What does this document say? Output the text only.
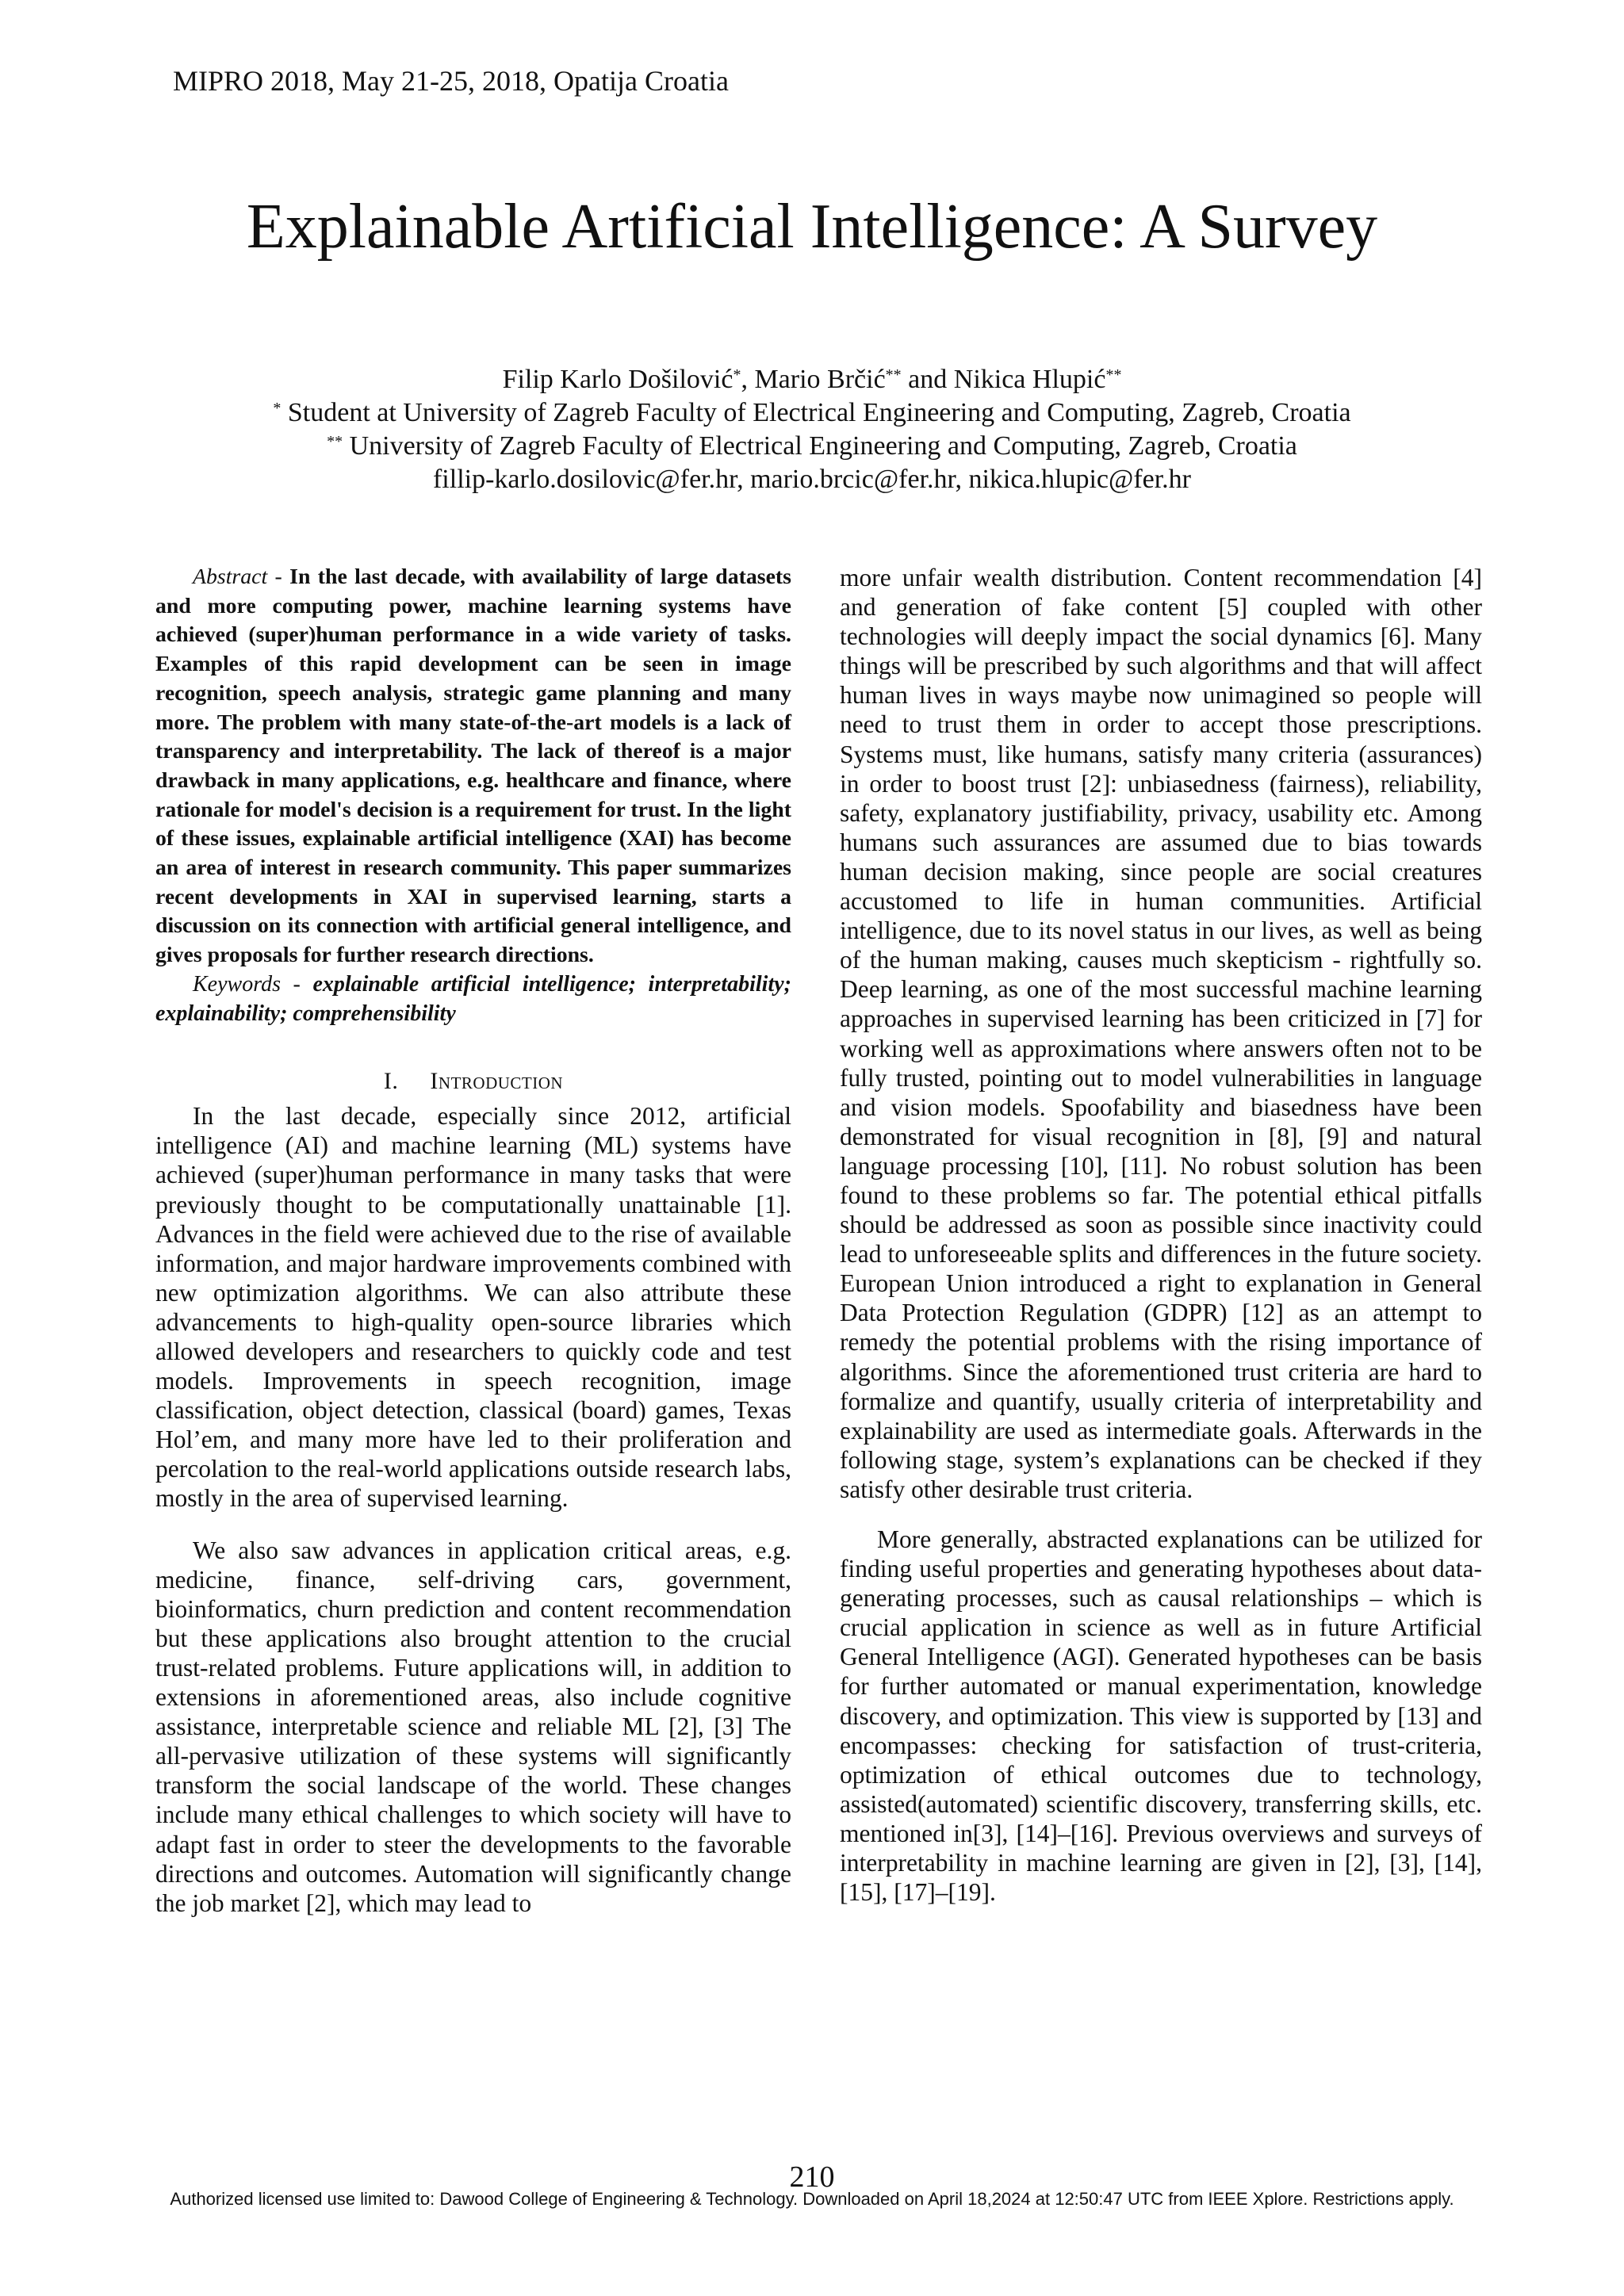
MIPRO 2018, May 21-25, 2018, Opatija Croatia
Explainable Artificial Intelligence: A Survey
Filip Karlo Došilović*, Mario Brčić** and Nikica Hlupić**
* Student at University of Zagreb Faculty of Electrical Engineering and Computing, Zagreb, Croatia
** University of Zagreb Faculty of Electrical Engineering and Computing, Zagreb, Croatia
fillip-karlo.dosilovic@fer.hr, mario.brcic@fer.hr, nikica.hlupic@fer.hr

Abstract - In the last decade, with availability of large datasets and more computing power, machine learning systems have achieved (super)human performance in a wide variety of tasks. Examples of this rapid development can be seen in image recognition, speech analysis, strategic game planning and many more. The problem with many state-of-the-art models is a lack of transparency and interpretability. The lack of thereof is a major drawback in many applications, e.g. healthcare and finance, where rationale for model's decision is a requirement for trust. In the light of these issues, explainable artificial intelligence (XAI) has become an area of interest in research community. This paper summarizes recent developments in XAI in supervised learning, starts a discussion on its connection with artificial general intelligence, and gives proposals for further research directions.

Keywords - explainable artificial intelligence; interpretability; explainability; comprehensibility

I. Introduction

In the last decade, especially since 2012, artificial intelligence (AI) and machine learning (ML) systems have achieved (super)human performance in many tasks that were previously thought to be computationally unattainable [1]. Advances in the field were achieved due to the rise of available information, and major hardware improvements combined with new optimization algorithms. We can also attribute these advancements to high-quality open-source libraries which allowed developers and researchers to quickly code and test models. Improvements in speech recognition, image classification, object detection, classical (board) games, Texas Hol’em, and many more have led to their proliferation and percolation to the real-world applications outside research labs, mostly in the area of supervised learning.

We also saw advances in application critical areas, e.g. medicine, finance, self-driving cars, government, bioinformatics, churn prediction and content recommendation but these applications also brought attention to the crucial trust-related problems. Future applications will, in addition to extensions in aforementioned areas, also include cognitive assistance, interpretable science and reliable ML [2], [3] The all-pervasive utilization of these systems will significantly transform the social landscape of the world. These changes include many ethical challenges to which society will have to adapt fast in order to steer the developments to the favorable directions and outcomes. Automation will significantly change the job market [2], which may lead to

more unfair wealth distribution. Content recommendation [4] and generation of fake content [5] coupled with other technologies will deeply impact the social dynamics [6]. Many things will be prescribed by such algorithms and that will affect human lives in ways maybe now unimagined so people will need to trust them in order to accept those prescriptions. Systems must, like humans, satisfy many criteria (assurances) in order to boost trust [2]: unbiasedness (fairness), reliability, safety, explanatory justifiability, privacy, usability etc. Among humans such assurances are assumed due to bias towards human decision making, since people are social creatures accustomed to life in human communities. Artificial intelligence, due to its novel status in our lives, as well as being of the human making, causes much skepticism - rightfully so. Deep learning, as one of the most successful machine learning approaches in supervised learning has been criticized in [7] for working well as approximations where answers often not to be fully trusted, pointing out to model vulnerabilities in language and vision models. Spoofability and biasedness have been demonstrated for visual recognition in [8], [9] and natural language processing [10], [11]. No robust solution has been found to these problems so far. The potential ethical pitfalls should be addressed as soon as possible since inactivity could lead to unforeseeable splits and differences in the future society. European Union introduced a right to explanation in General Data Protection Regulation (GDPR) [12] as an attempt to remedy the potential problems with the rising importance of algorithms. Since the aforementioned trust criteria are hard to formalize and quantify, usually criteria of interpretability and explainability are used as intermediate goals. Afterwards in the following stage, system’s explanations can be checked if they satisfy other desirable trust criteria.

More generally, abstracted explanations can be utilized for finding useful properties and generating hypotheses about data-generating processes, such as causal relationships – which is crucial application in science as well as in future Artificial General Intelligence (AGI). Generated hypotheses can be basis for further automated or manual experimentation, knowledge discovery, and optimization. This view is supported by [13] and encompasses: checking for satisfaction of trust-criteria, optimization of ethical outcomes due to technology, assisted(automated) scientific discovery, transferring skills, etc. mentioned in[3], [14]–[16]. Previous overviews and surveys of interpretability in machine learning are given in [2], [3], [14], [15], [17]–[19].

210
Authorized licensed use limited to: Dawood College of Engineering & Technology. Downloaded on April 18,2024 at 12:50:47 UTC from IEEE Xplore. Restrictions apply.
